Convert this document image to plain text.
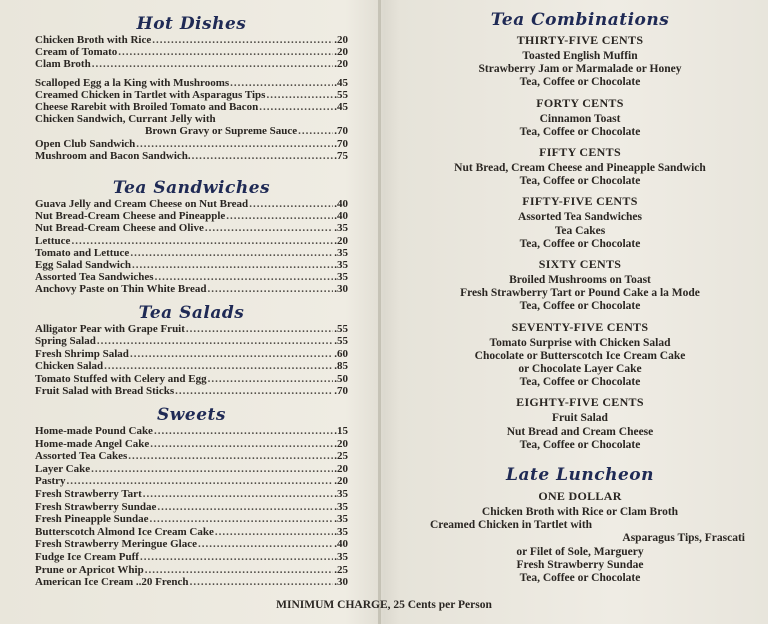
Hot Dishes
Chicken Broth with Rice .....	.20
Cream of Tomato .....	.20
Clam Broth .....	.20
Scalloped Egg a la King with Mushrooms .....	.45
Creamed Chicken in Tartlet with Asparagus Tips .....	.55
Cheese Rarebit with Broiled Tomato and Bacon .....	.45
Chicken Sandwich, Currant Jelly with
Brown Gravy or Supreme Sauce .....	.70
Open Club Sandwich .....	.70
Mushroom and Bacon Sandwich. .....	.75
Tea Sandwiches
Guava Jelly and Cream Cheese on Nut Bread .....	.40
Nut Bread-Cream Cheese and Pineapple .....	.40
Nut Bread-Cream Cheese and Olive .....	.35
Lettuce .....	.20
Tomato and Lettuce .....	.35
Egg Salad Sandwich .....	.35
Assorted Tea Sandwiches .....	.35
Anchovy Paste on Thin White Bread .....	.30
Tea Salads
Alligator Pear with Grape Fruit .....	.55
Spring Salad .....	.55
Fresh Shrimp Salad .....	.60
Chicken Salad .....	.85
Tomato Stuffed with Celery and Egg .....	.50
Fruit Salad with Bread Sticks .....	.70
Sweets
Home-made Pound Cake .....	.15
Home-made Angel Cake .....	.20
Assorted Tea Cakes .....	.25
Layer Cake .....	.20
Pastry .....	.20
Fresh Strawberry Tart .....	.35
Fresh Strawberry Sundae .....	.35
Fresh Pineapple Sundae .....	.35
Butterscotch Almond Ice Cream Cake .....	.35
Fresh Strawberry Meringue Glace .....	.40
Fudge Ice Cream Puff .....	.35
Prune or Apricot Whip .....	.25
American Ice Cream ..20 French .....	.30
Tea Combinations
THIRTY-FIVE CENTS
Toasted English Muffin
Strawberry Jam or Marmalade or Honey
Tea, Coffee or Chocolate
FORTY CENTS
Cinnamon Toast
Tea, Coffee or Chocolate
FIFTY CENTS
Nut Bread, Cream Cheese and Pineapple Sandwich
Tea, Coffee or Chocolate
FIFTY-FIVE CENTS
Assorted Tea Sandwiches
Tea Cakes
Tea, Coffee or Chocolate
SIXTY CENTS
Broiled Mushrooms on Toast
Fresh Strawberry Tart or Pound Cake a la Mode
Tea, Coffee or Chocolate
SEVENTY-FIVE CENTS
Tomato Surprise with Chicken Salad
Chocolate or Butterscotch Ice Cream Cake
or Chocolate Layer Cake
Tea, Coffee or Chocolate
EIGHTY-FIVE CENTS
Fruit Salad
Nut Bread and Cream Cheese
Tea, Coffee or Chocolate
Late Luncheon
ONE DOLLAR
Chicken Broth with Rice or Clam Broth
Creamed Chicken in Tartlet with
Asparagus Tips, Frascati
or Filet of Sole, Marguery
Fresh Strawberry Sundae
Tea, Coffee or Chocolate
MINIMUM CHARGE, 25 Cents per Person
